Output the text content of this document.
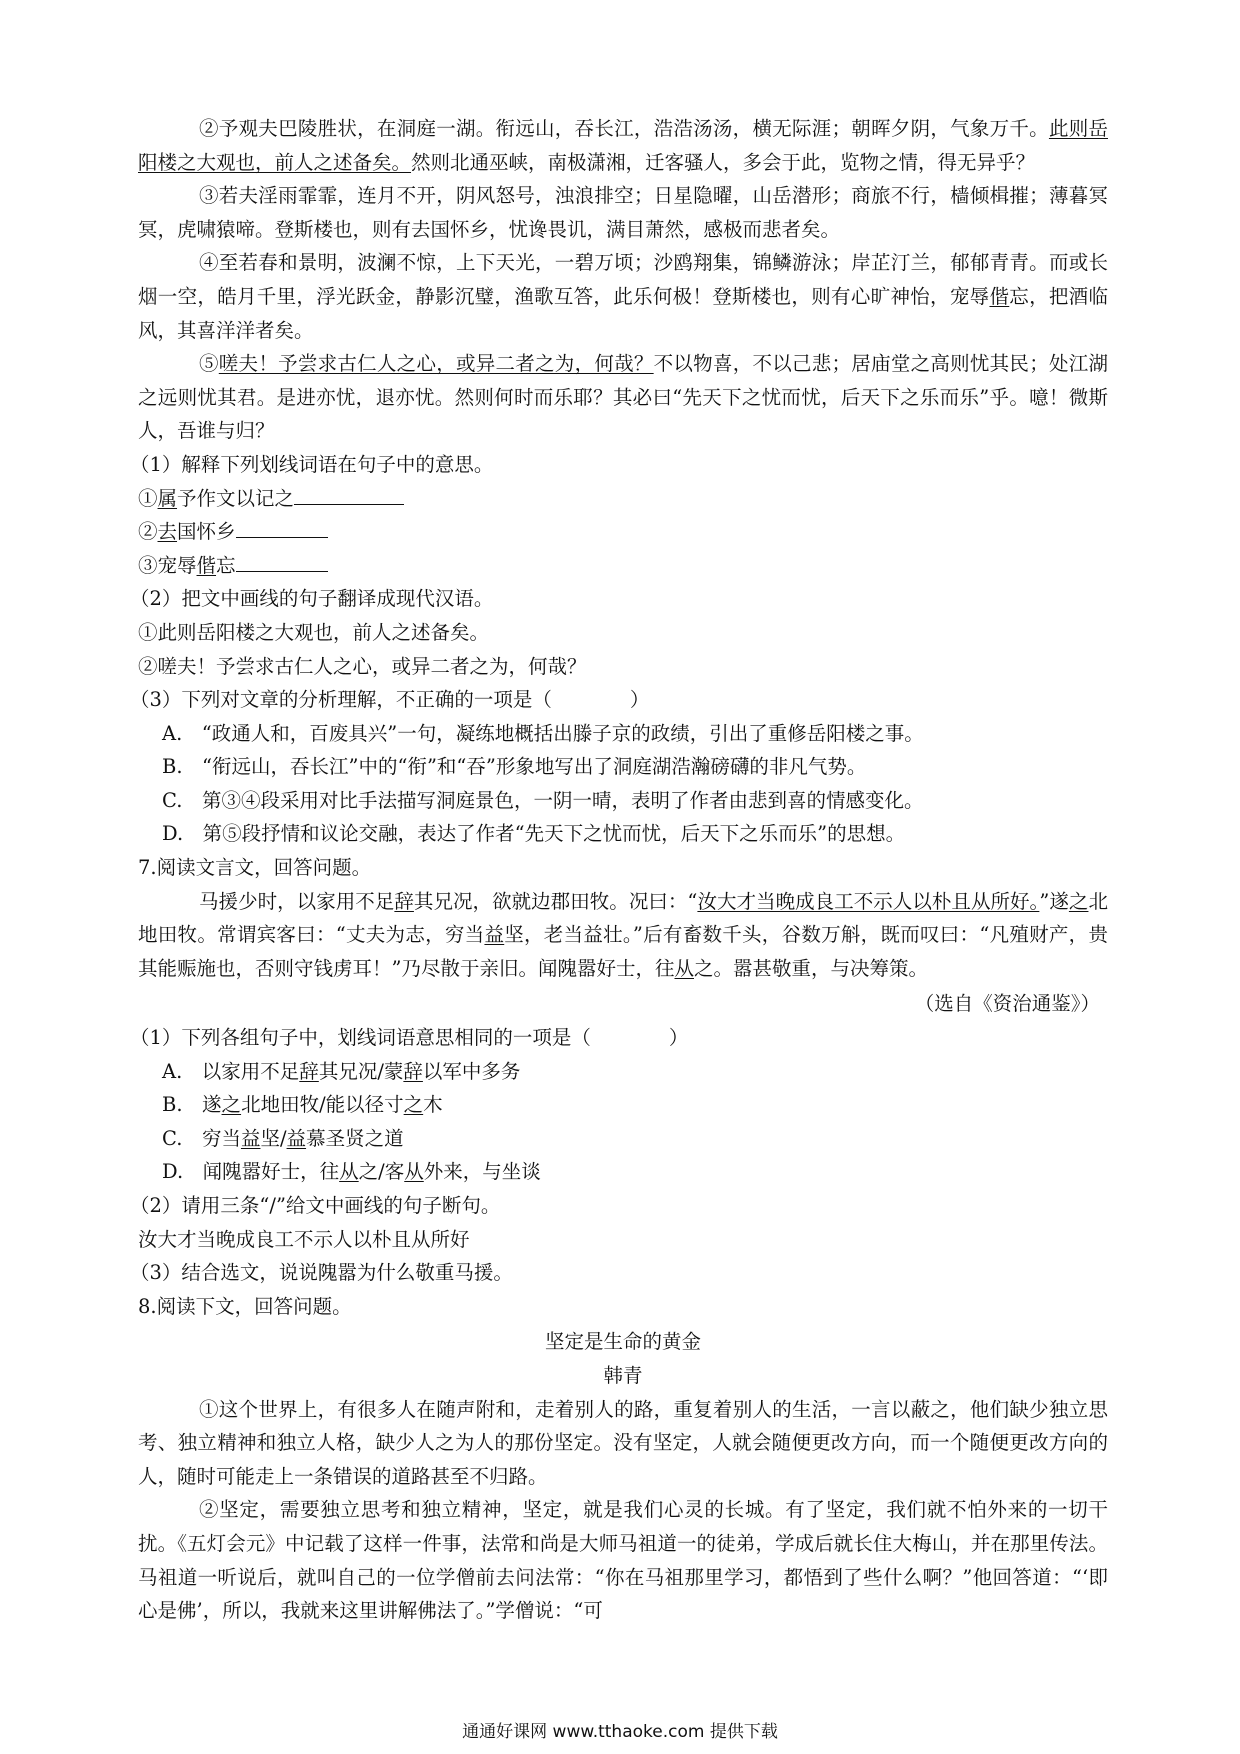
②予观夫巴陵胜状，在洞庭一湖。衔远山，吞长江，浩浩汤汤，横无际涯；朝晖夕阴，气象万千。此则岳阳楼之大观也，前人之述备矣。然则北通巫峡，南极潇湘，迁客骚人，多会于此，览物之情，得无异乎？

③若夫淫雨霏霏，连月不开，阴风怒号，浊浪排空；日星隐曜，山岳潜形；商旅不行，樯倾楫摧；薄暮冥冥，虎啸猿啼。登斯楼也，则有去国怀乡，忧谗畏讥，满目萧然，感极而悲者矣。

④至若春和景明，波澜不惊，上下天光，一碧万顷；沙鸥翔集，锦鳞游泳；岸芷汀兰，郁郁青青。而或长烟一空，皓月千里，浮光跃金，静影沉璧，渔歌互答，此乐何极！登斯楼也，则有心旷神怡，宠辱偕忘，把酒临风，其喜洋洋者矣。

⑤嗟夫！予尝求古仁人之心，或异二者之为，何哉？不以物喜，不以己悲；居庙堂之高则忧其民；处江湖之远则忧其君。是进亦忧，退亦忧。然则何时而乐耶？其必曰“先天下之忧而忧，后天下之乐而乐”乎。噫！微斯人，吾谁与归？

（1）解释下列划线词语在句子中的意思。

①属予作文以记之

②去国怀乡

③宠辱偕忘

（2）把文中画线的句子翻译成现代汉语。

①此则岳阳楼之大观也，前人之述备矣。

②嗟夫！予尝求古仁人之心，或异二者之为，何哉？

（3）下列对文章的分析理解，不正确的一项是（	）

A.  “政通人和，百废具兴”一句，凝练地概括出滕子京的政绩，引出了重修岳阳楼之事。

B.  “衔远山，吞长江”中的“衔”和“吞”形象地写出了洞庭湖浩瀚磅礴的非凡气势。

C.  第③④段采用对比手法描写洞庭景色，一阴一晴，表明了作者由悲到喜的情感变化。

D.  第⑤段抒情和议论交融，表达了作者“先天下之忧而忧，后天下之乐而乐”的思想。

7.阅读文言文，回答问题。

马援少时，以家用不足辞其兄况，欲就边郡田牧。况曰：“汝大才当晚成良工不示人以朴且从所好。”遂之北地田牧。常谓宾客曰：“丈夫为志，穷当益坚，老当益壮。”后有畜数千头，谷数万斛，既而叹曰：“凡殖财产，贵其能赈施也，否则守钱虏耳！”乃尽散于亲旧。闻隗嚣好士，往从之。嚣甚敬重，与决筹策。

（选自《资治通鉴》）

（1）下列各组句子中，划线词语意思相同的一项是（	）

A.  以家用不足辞其兄况/蒙辞以军中多务

B.  遂之北地田牧/能以径寸之木

C.  穷当益坚/益慕圣贤之道

D.  闻隗嚣好士，往从之/客从外来，与坐谈

（2）请用三条“/”给文中画线的句子断句。

汝大才当晚成良工不示人以朴且从所好

（3）结合选文，说说隗嚣为什么敬重马援。

8.阅读下文，回答问题。

坚定是生命的黄金

韩青

①这个世界上，有很多人在随声附和，走着别人的路，重复着别人的生活，一言以蔽之，他们缺少独立思考、独立精神和独立人格，缺少人之为人的那份坚定。没有坚定，人就会随便更改方向，而一个随便更改方向的人，随时可能走上一条错误的道路甚至不归路。

②坚定，需要独立思考和独立精神，坚定，就是我们心灵的长城。有了坚定，我们就不怕外来的一切干扰。《五灯会元》中记载了这样一件事，法常和尚是大师马祖道一的徒弟，学成后就长住大梅山，并在那里传法。马祖道一听说后，就叫自己的一位学僧前去问法常：“你在马祖那里学习，都悟到了些什么啊？”他回答道：“‘即心是佛’，所以，我就来这里讲解佛法了。”学僧说：“可

通通好课网 www.tthaoke.com 提供下载
